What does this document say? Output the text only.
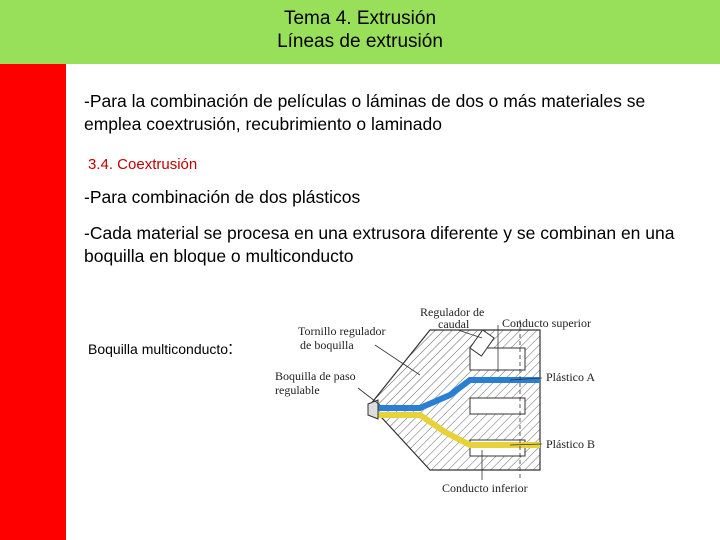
Tema 4. Extrusión
Líneas de extrusión
-Para la combinación de películas o láminas de dos o más materiales se emplea coextrusión, recubrimiento o laminado
3.4. Coextrusión
-Para combinación de dos plásticos
-Cada material se procesa en una extrusora diferente y se combinan en una boquilla en bloque o multiconducto
Boquilla multiconducto:
Regulador de
caudal	Conducto superior
Tornillo regulador
de boquilla
Boquilla de paso
regulable
Plástico A
Plástico B
Conducto inferior
